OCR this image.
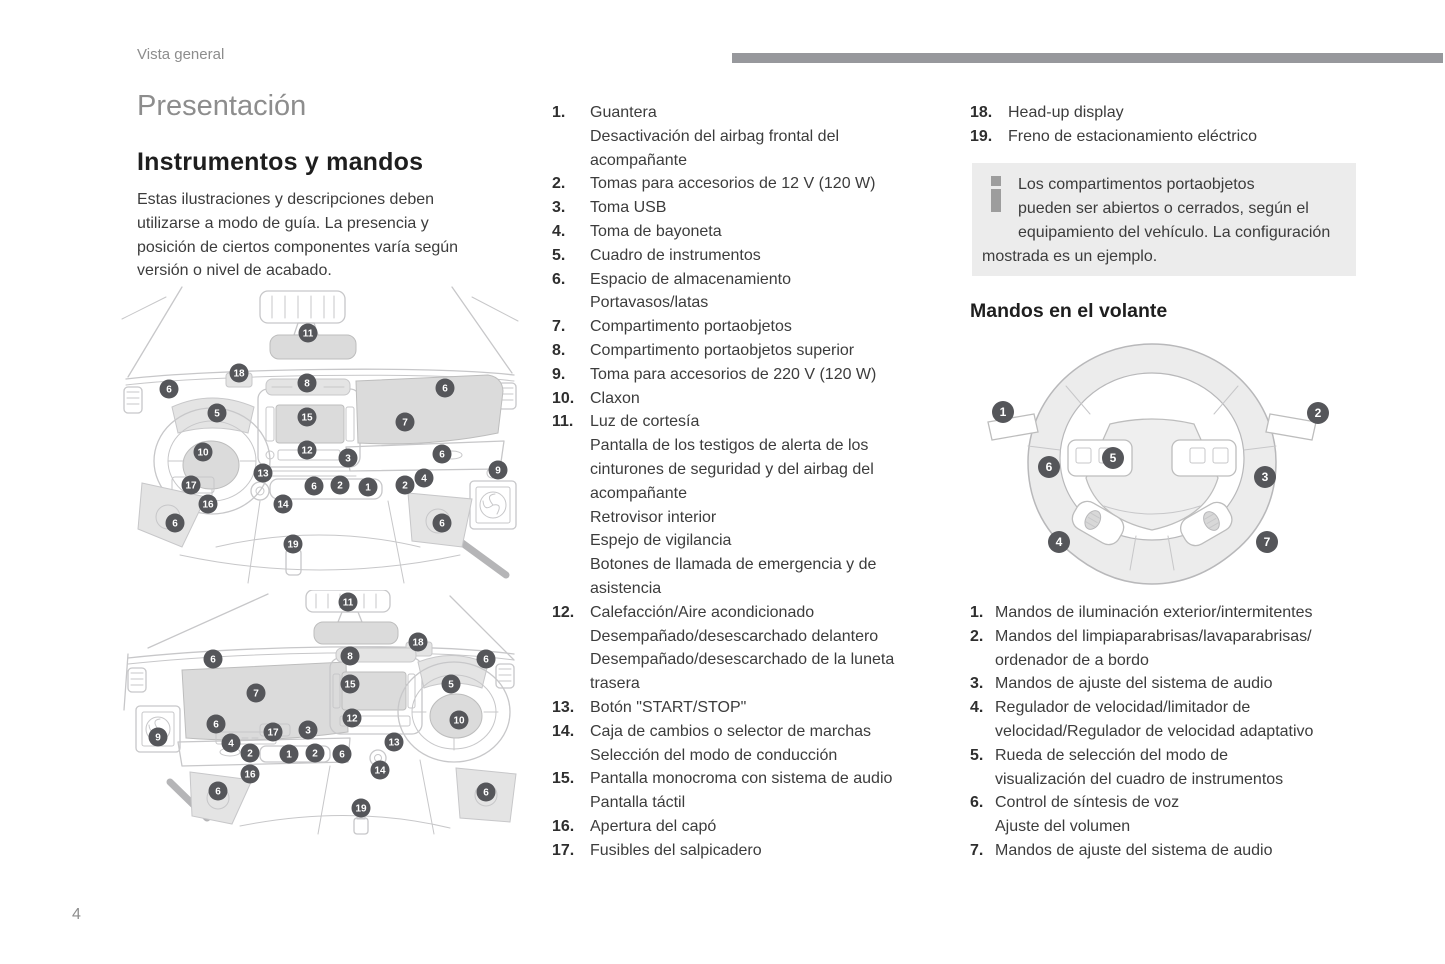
Vista general
Presentación
Instrumentos y mandos
Estas ilustraciones y descripciones deben
utilizarse a modo de guía. La presencia y
posición de ciertos componentes varía según
versión o nivel de acabado.
11
18
8
6	6
5	15	7
10	12
3	6
13	9
17	6 2 1	2
4
16	14
6	6
19
11
18
8
6	6
7
15	5
10
12
6
3
17
9
4	13
2	1 2 6
14
16
6	6
19
1.	Guantera
Desactivación del airbag frontal del
acompañante
2.	Tomas para accesorios de 12 V (120 W)
3.	Toma USB
4.	Toma de bayoneta
5.	Cuadro de instrumentos
6.	Espacio de almacenamiento
Portavasos/latas
7.	Compartimento portaobjetos
8.	Compartimento portaobjetos superior
9.	Toma para accesorios de 220 V (120 W)
10. Claxon
11.	Luz de cortesía
Pantalla de los testigos de alerta de los
cinturones de seguridad y del airbag del
acompañante
Retrovisor interior
Espejo de vigilancia
Botones de llamada de emergencia y de
asistencia
12. Calefacción/Aire acondicionado
Desempañado/desescarchado delantero
Desempañado/desescarchado de la luneta
trasera
13. Botón "START/STOP"
14. Caja de cambios o selector de marchas
Selección del modo de conducción
15. Pantalla monocroma con sistema de audio
Pantalla táctil
16. Apertura del capó
17. Fusibles del salpicadero
18. Head-up display
19. Freno de estacionamiento eléctrico
Los compartimentos portaobjetos
pueden ser abiertos o cerrados, según el
equipamiento del vehículo. La configuración
mostrada es un ejemplo.
Mandos en el volante
1	2
6
5
3
4	7
1. Mandos de iluminación exterior/intermitentes
2. Mandos del limpiaparabrisas/lavaparabrisas/
ordenador de a bordo
3. Mandos de ajuste del sistema de audio
4. Regulador de velocidad/limitador de
velocidad/Regulador de velocidad adaptativo
5. Rueda de selección del modo de
visualización del cuadro de instrumentos
6. Control de síntesis de voz
Ajuste del volumen
7. Mandos de ajuste del sistema de audio
4
